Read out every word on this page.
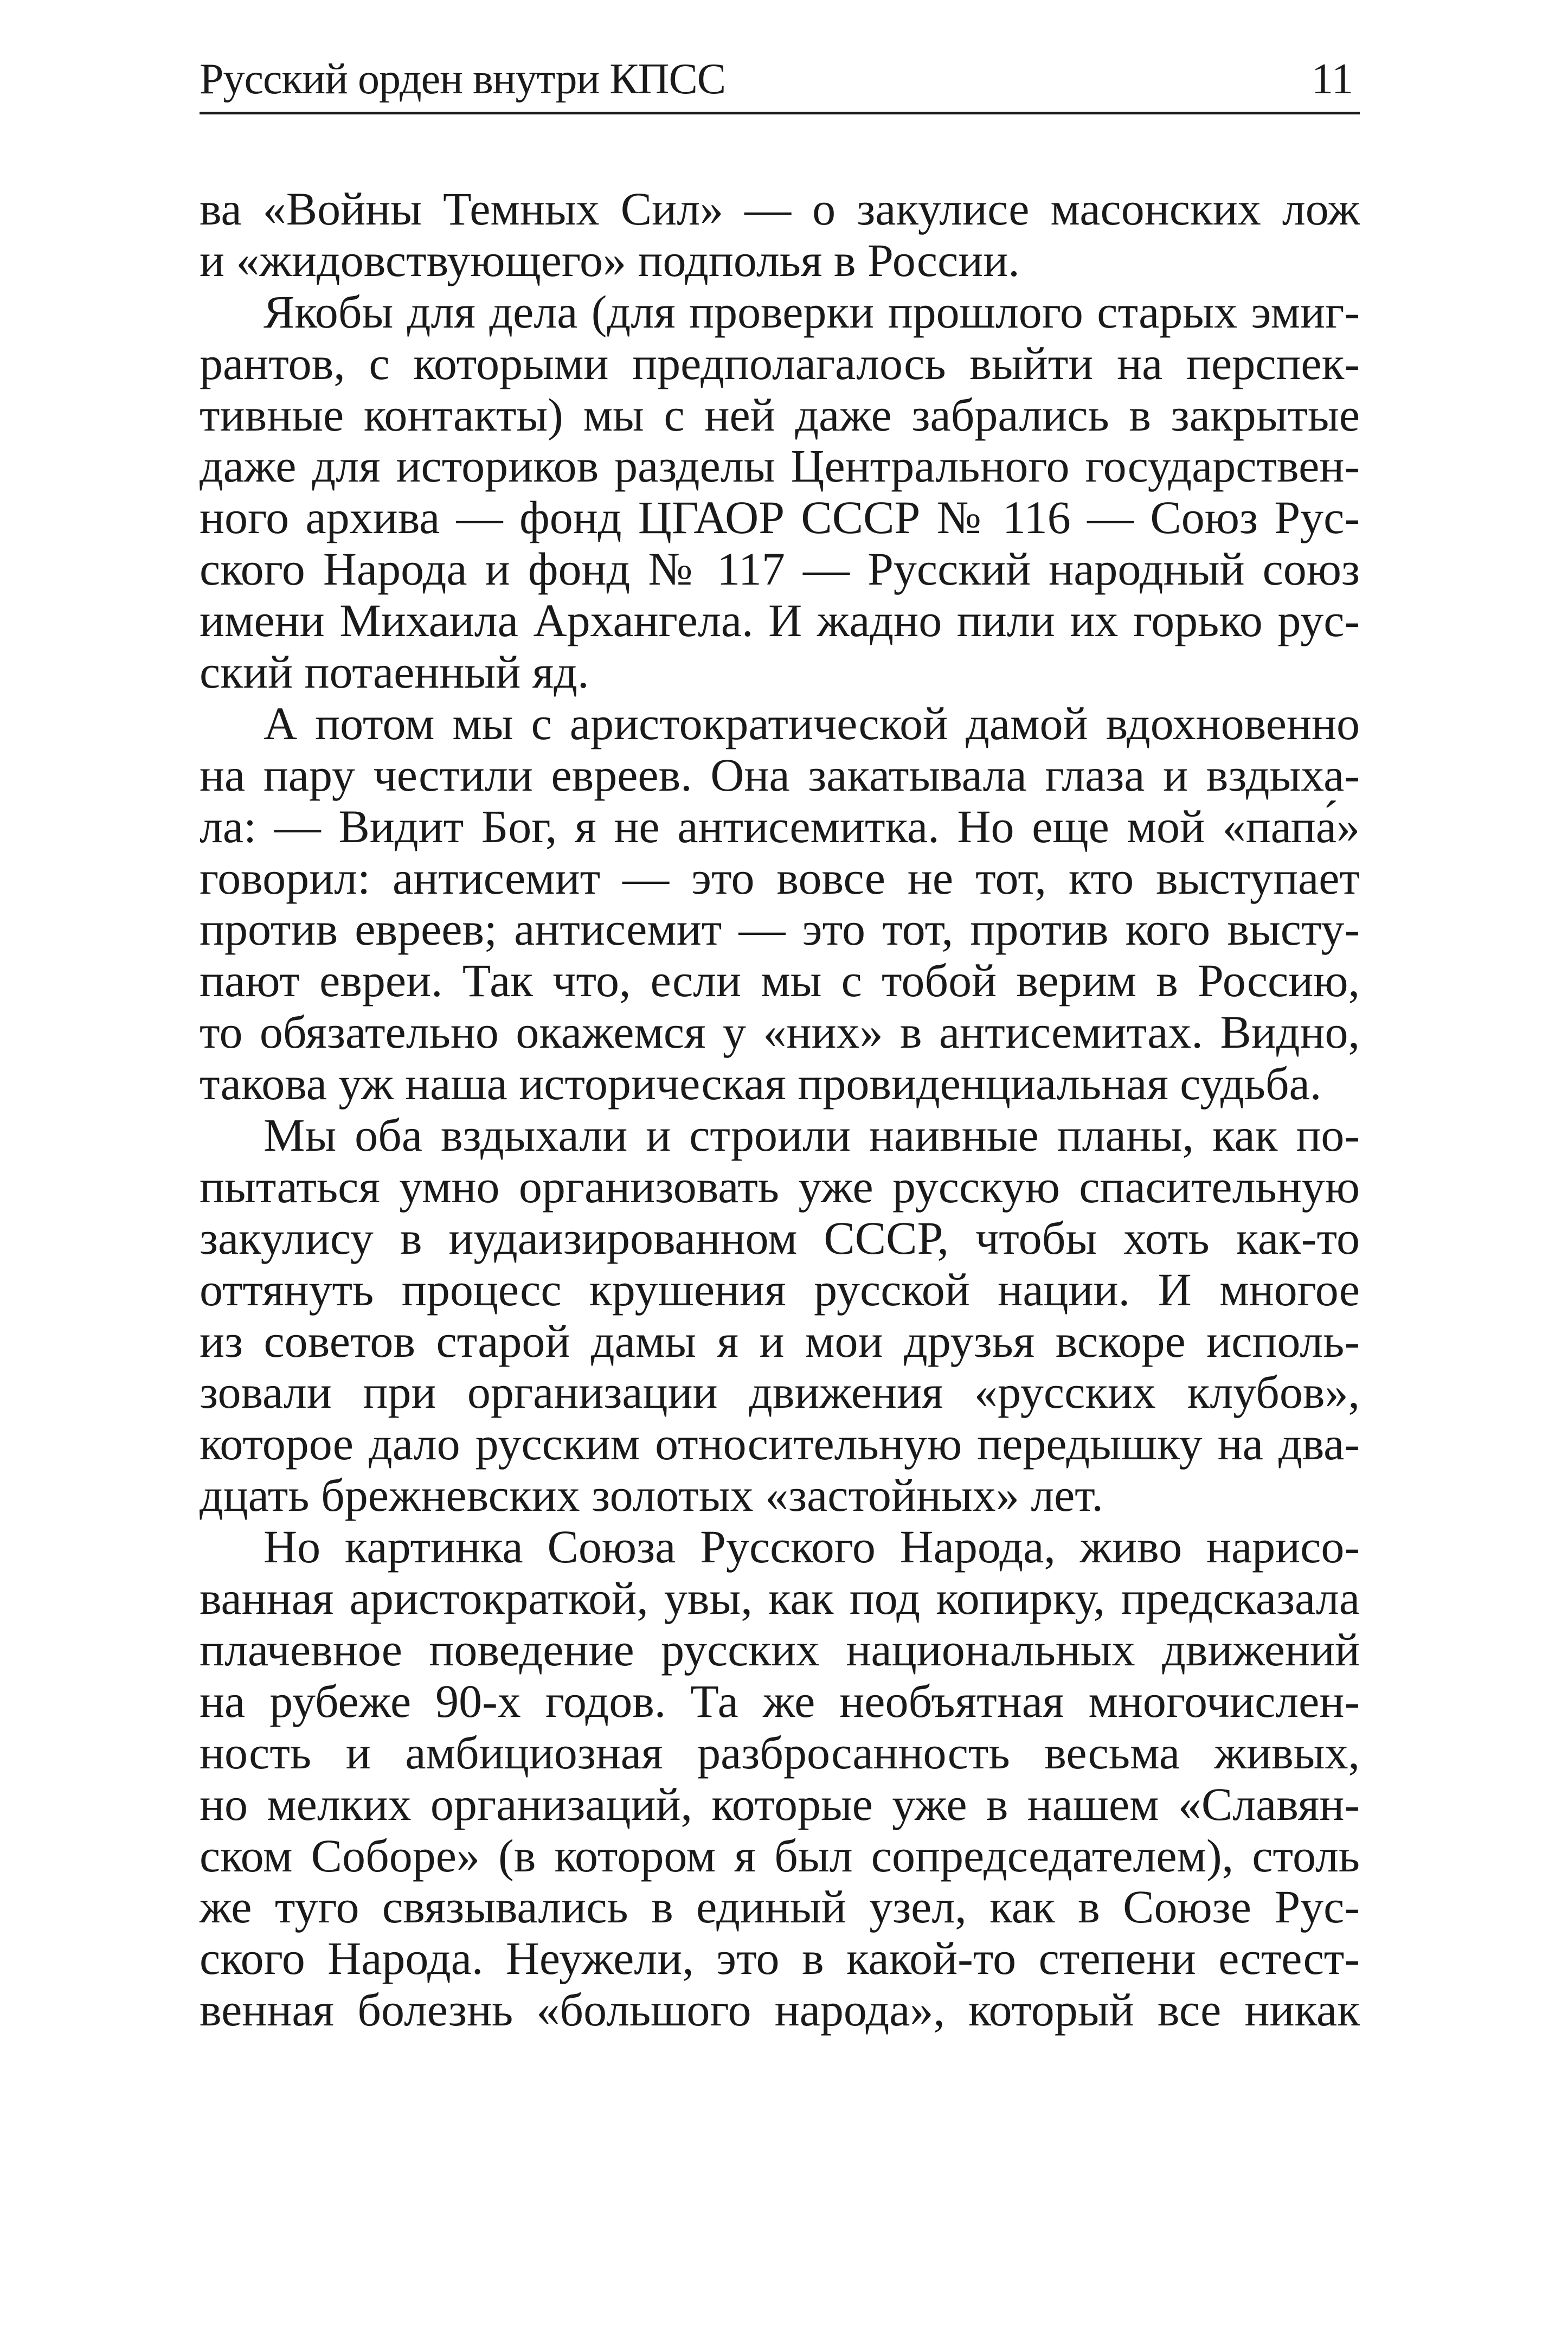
Русский орден внутри КПСС	11
ва «Войны Темных Сил» — о закулисе масонских лож
и «жидовствующего» подполья в России.
Якобы для дела (для проверки прошлого старых эмиг-
рантов, с которыми предполагалось выйти на перспек-
тивные контакты) мы с ней даже забрались в закрытые
даже для историков разделы Центрального государствен-
ного архива — фонд ЦГАОР СССР № 116 — Союз Рус-
ского Народа и фонд № 117 — Русский народный союз
имени Михаила Архангела. И жадно пили их горько рус-
ский потаенный яд.
А потом мы с аристократической дамой вдохновенно
на пару честили евреев. Она закатывала глаза и вздыха-
ла: — Видит Бог, я не антисемитка. Но еще мой «папа́»
говорил: антисемит — это вовсе не тот, кто выступает
против евреев; антисемит — это тот, против кого высту-
пают евреи. Так что, если мы с тобой верим в Россию,
то обязательно окажемся у «них» в антисемитах. Видно,
такова уж наша историческая провиденциальная судьба.
Мы оба вздыхали и строили наивные планы, как по-
пытаться умно организовать уже русскую спасительную
закулису в иудаизированном СССР, чтобы хоть как-то
оттянуть процесс крушения русской нации. И многое
из советов старой дамы я и мои друзья вскоре исполь-
зовали при организации движения «русских клубов»,
которое дало русским относительную передышку на два-
дцать брежневских золотых «застойных» лет.
Но картинка Союза Русского Народа, живо нарисо-
ванная аристократкой, увы, как под копирку, предсказала
плачевное поведение русских национальных движений
на рубеже 90-х годов. Та же необъятная многочислен-
ность и амбициозная разбросанность весьма живых,
но мелких организаций, которые уже в нашем «Славян-
ском Соборе» (в котором я был сопредседателем), столь
же туго связывались в единый узел, как в Союзе Рус-
ского Народа. Неужели, это в какой-то степени естест-
венная болезнь «большого народа», который все никак
